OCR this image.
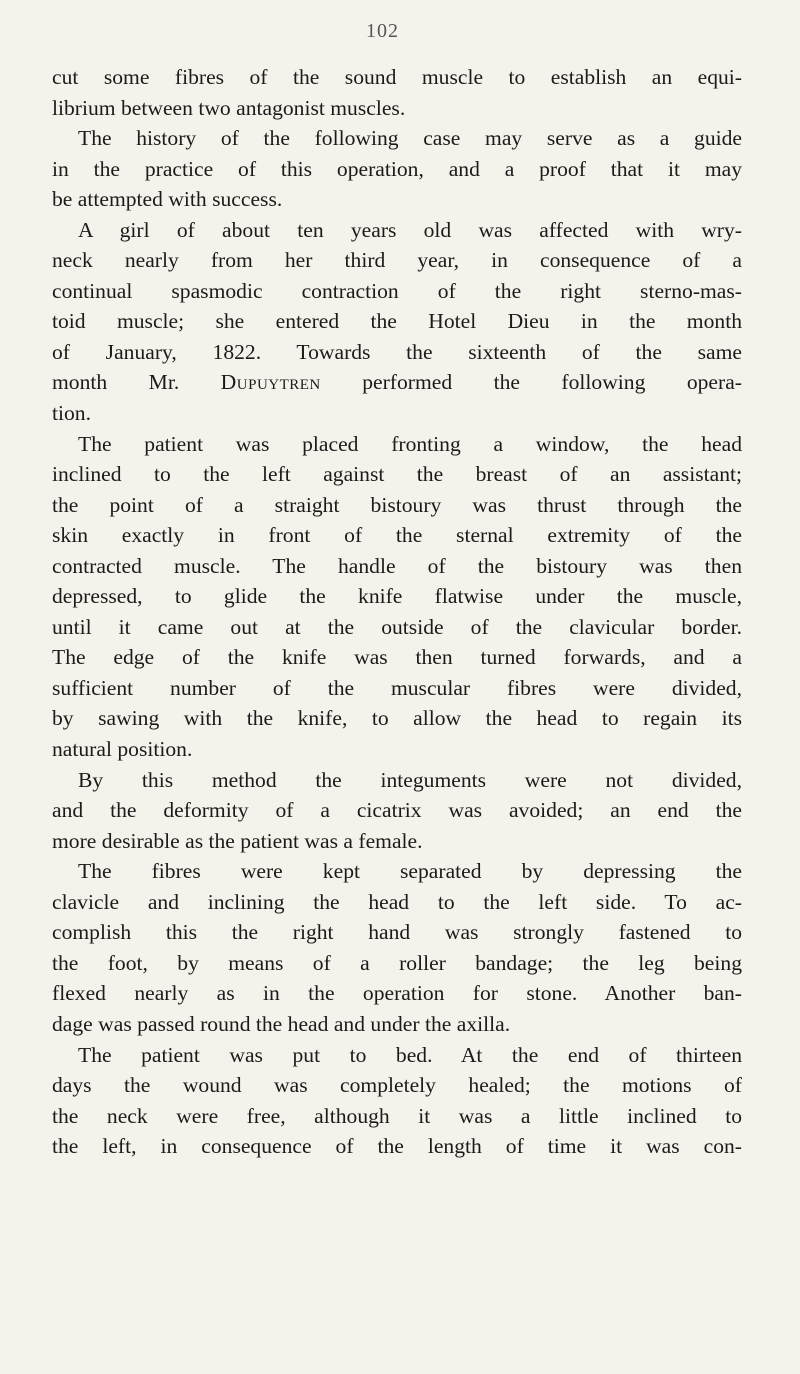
102
cut some fibres of the sound muscle to establish an equi-
librium between two antagonist muscles.
The history of the following case may serve as a guide
in the practice of this operation, and a proof that it may
be attempted with success.
A girl of about ten years old was affected with wry-
neck nearly from her third year, in consequence of a
continual spasmodic contraction of the right sterno-mas-
toid muscle; she entered the Hotel Dieu in the month
of January, 1822. Towards the sixteenth of the same
month Mr. Dupuytren performed the following opera-
tion.
The patient was placed fronting a window, the head
inclined to the left against the breast of an assistant;
the point of a straight bistoury was thrust through the
skin exactly in front of the sternal extremity of the
contracted muscle. The handle of the bistoury was then
depressed, to glide the knife flatwise under the muscle,
until it came out at the outside of the clavicular border.
The edge of the knife was then turned forwards, and a
sufficient number of the muscular fibres were divided,
by sawing with the knife, to allow the head to regain its
natural position.
By this method the integuments were not divided,
and the deformity of a cicatrix was avoided; an end the
more desirable as the patient was a female.
The fibres were kept separated by depressing the
clavicle and inclining the head to the left side. To ac-
complish this the right hand was strongly fastened to
the foot, by means of a roller bandage; the leg being
flexed nearly as in the operation for stone. Another ban-
dage was passed round the head and under the axilla.
The patient was put to bed. At the end of thirteen
days the wound was completely healed; the motions of
the neck were free, although it was a little inclined to
the left, in consequence of the length of time it was con-
